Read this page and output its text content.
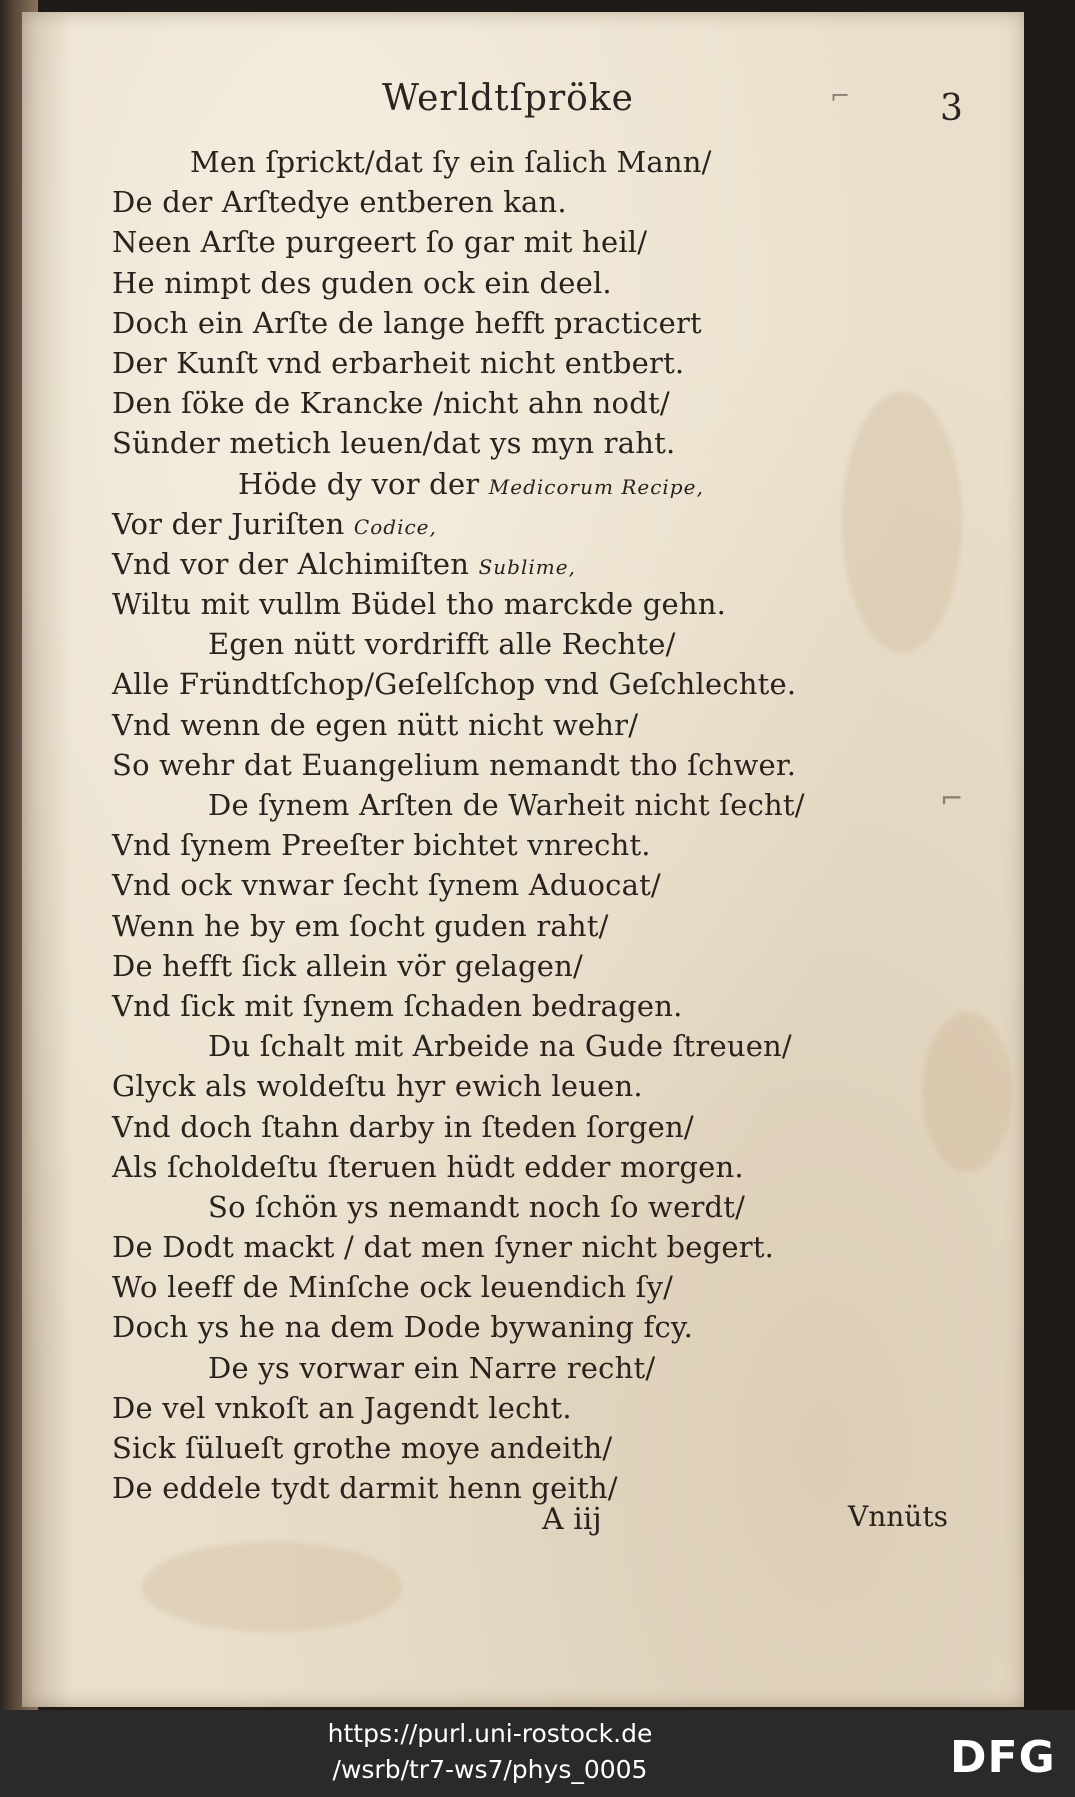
Werldtſpröke	3
⌐
⌐
Men ſprickt/dat ſy ein ſalich Mann/
De der Arſtedye entberen kan.
Neen Arſte purgeert ſo gar mit heil/
He nimpt des guden ock ein deel.
Doch ein Arſte de lange hefft practicert
Der Kunſt vnd erbarheit nicht entbert.
Den ſöke de Krancke /nicht ahn nodt/
Sünder metich leuen/dat ys myn raht.
Höde dy vor der Medicorum Recipe,
Vor der Juriſten Codice,
Vnd vor der Alchimiſten Sublime,
Wiltu mit vullm Büdel tho marckde gehn.
Egen nütt vordrifft alle Rechte/
Alle Fründtſchop/Geſelſchop vnd Geſchlechte.
Vnd wenn de egen nütt nicht wehr/
So wehr dat Euangelium nemandt tho ſchwer.
De ſynem Arſten de Warheit nicht ſecht/
Vnd ſynem Preeſter bichtet vnrecht.
Vnd ock vnwar ſecht ſynem Aduocat/
Wenn he by em ſocht guden raht/
De hefft ſick allein vör gelagen/
Vnd ſick mit ſynem ſchaden bedragen.
Du ſchalt mit Arbeide na Gude ſtreuen/
Glyck als woldeſtu hyr ewich leuen.
Vnd doch ſtahn darby in ſteden ſorgen/
Als ſcholdeſtu ſteruen hüdt edder morgen.
So ſchön ys nemandt noch ſo werdt/
De Dodt mackt / dat men ſyner nicht begert.
Wo leeff de Minſche ock leuendich ſy/
Doch ys he na dem Dode bywaning fcy.
De ys vorwar ein Narre recht/
De vel vnkoſt an Jagendt lecht.
Sick ſülueſt grothe moye andeith/
De eddele tydt darmit henn geith/
A iij	Vnnüts
https://purl.uni-rostock.de
/wsrb/tr7-ws7/phys_0005	DFG
